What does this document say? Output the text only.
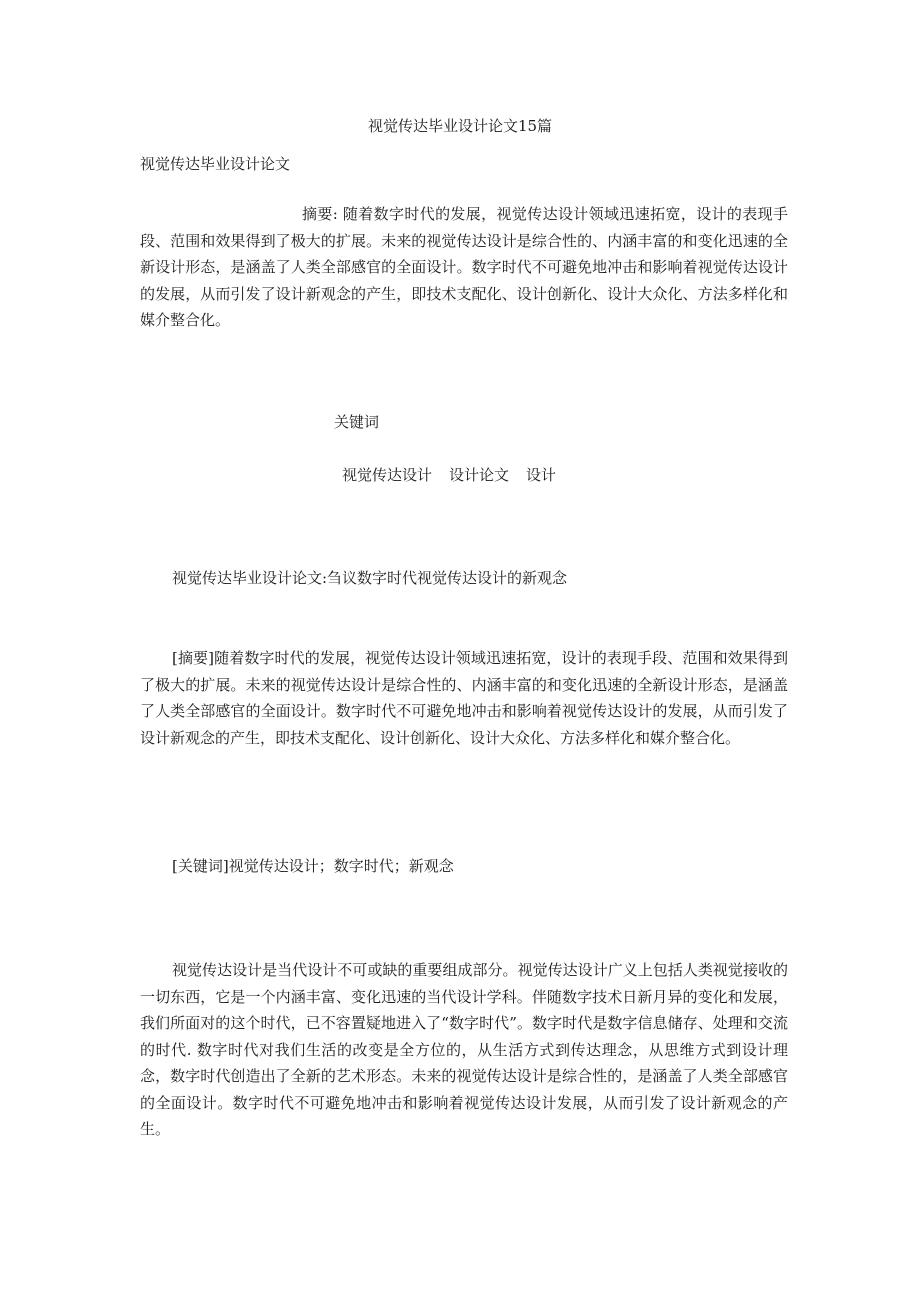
视觉传达毕业设计论文15篇
视觉传达毕业设计论文

摘要: 随着数字时代的发展，视觉传达设计领域迅速拓宽，设计的表现手段、范围和效果得到了极大的扩展。未来的视觉传达设计是综合性的、内涵丰富的和变化迅速的全新设计形态，是涵盖了人类全部感官的全面设计。数字时代不可避免地冲击和影响着视觉传达设计的发展，从而引发了设计新观念的产生，即技术支配化、设计创新化、设计大众化、方法多样化和媒介整合化。

关键词

视觉传达设计 设计论文 设计
视觉传达毕业设计论文:刍议数字时代视觉传达设计的新观念

[摘要]随着数字时代的发展，视觉传达设计领域迅速拓宽，设计的表现手段、范围和效果得到了极大的扩展。未来的视觉传达设计是综合性的、内涵丰富的和变化迅速的全新设计形态，是涵盖了人类全部感官的全面设计。数字时代不可避免地冲击和影响着视觉传达设计的发展，从而引发了设计新观念的产生，即技术支配化、设计创新化、设计大众化、方法多样化和媒介整合化。

[关键词]视觉传达设计；数字时代；新观念

视觉传达设计是当代设计不可或缺的重要组成部分。视觉传达设计广义上包括人类视觉接收的一切东西，它是一个内涵丰富、变化迅速的当代设计学科。伴随数字技术日新月异的变化和发展，我们所面对的这个时代，已不容置疑地进入了“数字时代”。数字时代是数字信息储存、处理和交流的时代. 数字时代对我们生活的改变是全方位的，从生活方式到传达理念，从思维方式到设计理念，数字时代创造出了全新的艺术形态。未来的视觉传达设计是综合性的，是涵盖了人类全部感官的全面设计。数字时代不可避免地冲击和影响着视觉传达设计发展，从而引发了设计新观念的产生。
